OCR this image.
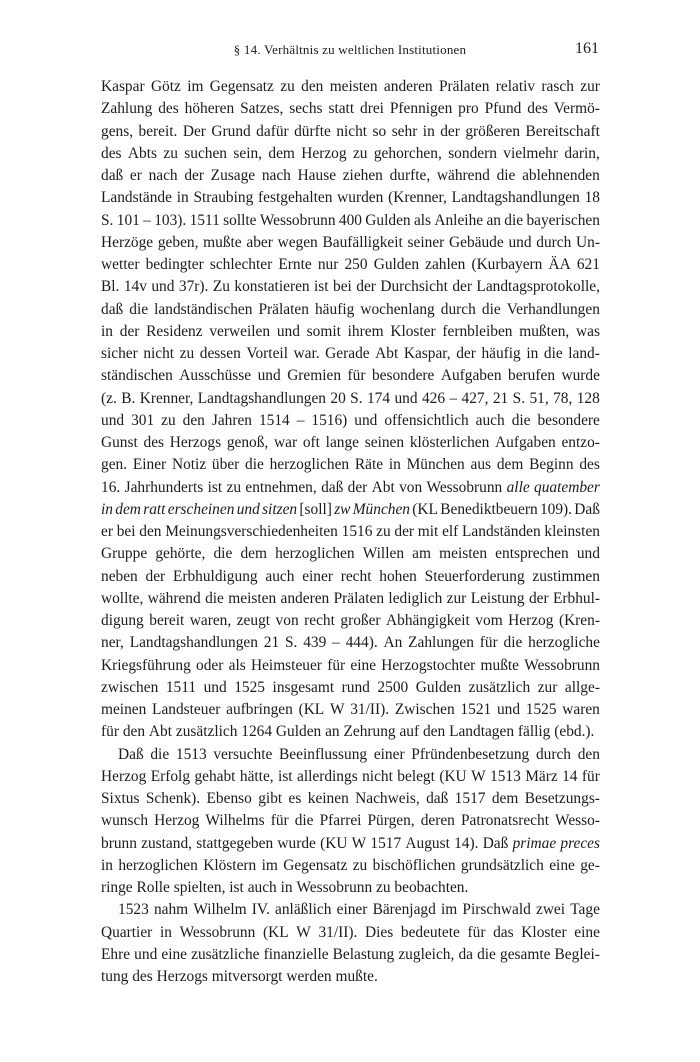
§ 14. Verhältnis zu weltlichen Institutionen	161
Kaspar Götz im Gegensatz zu den meisten anderen Prälaten relativ rasch zur
Zahlung des höheren Satzes, sechs statt drei Pfennigen pro Pfund des Vermö-
gens, bereit. Der Grund dafür dürfte nicht so sehr in der größeren Bereitschaft
des Abts zu suchen sein, dem Herzog zu gehorchen, sondern vielmehr darin,
daß er nach der Zusage nach Hause ziehen durfte, während die ablehnenden
Landstände in Straubing festgehalten wurden (Krenner, Landtagshandlungen 18
S. 101 – 103). 1511 sollte Wessobrunn 400 Gulden als Anleihe an die bayerischen
Herzöge geben, mußte aber wegen Baufälligkeit seiner Gebäude und durch Un-
wetter bedingter schlechter Ernte nur 250 Gulden zahlen (Kurbayern ÄA 621
Bl. 14v und 37r). Zu konstatieren ist bei der Durchsicht der Landtagsprotokolle,
daß die landständischen Prälaten häufig wochenlang durch die Verhandlungen
in der Residenz verweilen und somit ihrem Kloster fernbleiben mußten, was
sicher nicht zu dessen Vorteil war. Gerade Abt Kaspar, der häufig in die land-
ständischen Ausschüsse und Gremien für besondere Aufgaben berufen wurde
(z. B. Krenner, Landtagshandlungen 20 S. 174 und 426 – 427, 21 S. 51, 78, 128
und 301 zu den Jahren 1514 – 1516) und offensichtlich auch die besondere
Gunst des Herzogs genoß, war oft lange seinen klösterlichen Aufgaben entzo-
gen. Einer Notiz über die herzoglichen Räte in München aus dem Beginn des
16. Jahrhunderts ist zu entnehmen, daß der Abt von Wessobrunn alle quatember
in dem ratt erscheinen und sitzen [soll] zw München (KL Benediktbeuern 109). Daß
er bei den Meinungsverschiedenheiten 1516 zu der mit elf Landständen kleinsten
Gruppe gehörte, die dem herzoglichen Willen am meisten entsprechen und
neben der Erbhuldigung auch einer recht hohen Steuerforderung zustimmen
wollte, während die meisten anderen Prälaten lediglich zur Leistung der Erbhul-
digung bereit waren, zeugt von recht großer Abhängigkeit vom Herzog (Kren-
ner, Landtagshandlungen 21 S. 439 – 444). An Zahlungen für die herzogliche
Kriegsführung oder als Heimsteuer für eine Herzogstochter mußte Wessobrunn
zwischen 1511 und 1525 insgesamt rund 2500 Gulden zusätzlich zur allge-
meinen Landsteuer aufbringen (KL W 31/II). Zwischen 1521 und 1525 waren
für
den
Abt
zusätzlich
1264
Gulden
an
Zehrung
auf
den
Landtagen
fällig
(ebd.).
Daß die 1513 versuchte Beeinflussung einer Pfründenbesetzung durch den
Herzog Erfolg gehabt hätte, ist allerdings nicht belegt (KU W 1513 März 14 für
Sixtus Schenk). Ebenso gibt es keinen Nachweis, daß 1517 dem Besetzungs-
wunsch Herzog Wilhelms für die Pfarrei Pürgen, deren Patronatsrecht Wesso-
brunn zustand, stattgegeben wurde (KU W 1517 August 14). Daß primae preces
in herzoglichen Klöstern im Gegensatz zu bischöflichen grundsätzlich eine ge-
ringe
Rolle
spielten,
ist
auch
in
Wessobrunn
zu
beobachten.
1523 nahm Wilhelm IV. anläßlich einer Bärenjagd im Pirschwald zwei Tage
Quartier in Wessobrunn (KL W 31/II). Dies bedeutete für das Kloster eine
Ehre und eine zusätzliche finanzielle Belastung zugleich, da die gesamte Beglei-
tung
des
Herzogs
mitversorgt
werden
mußte.
